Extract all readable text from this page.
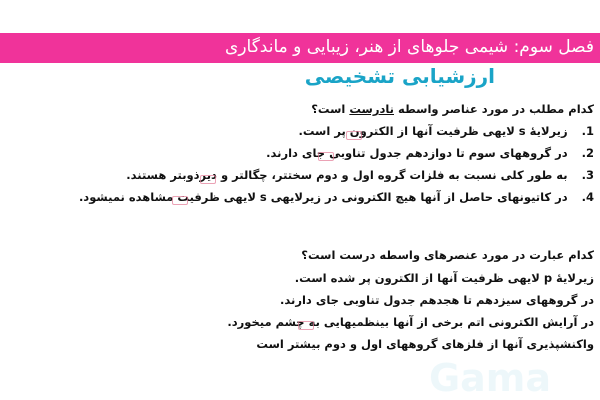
فصل سوم: شیمی جلوهای از هنر، زیبایی و ماندگاری
ارزشیابی تشخیصی
کدام مطلب در مورد عناصر واسطه نادرست است؟
1.زیرلایهٔ s لایهی ظرفیت آنها از الکترون پر است.
2.در گروههای سوم تا دوازدهم جدول تناوبی جای دارند.
3.به طور کلی نسبت به فلزات گروه اول و دوم سختتر، چگالتر و دیرذوبتر هستند.
4.در کاتیونهای حاصل از آنها هیچ الکترونی در زیرلایهی s لایهی ظرفیت مشاهده نمیشود.
کدام عبارت در مورد عنصرهای واسطه درست است؟
زیرلایهٔ p لایهی ظرفیت آنها از الکترون پر شده است.
در گروههای سیزدهم تا هجدهم جدول تناوبی جای دارند.
در آرایش الکترونی اتم برخی از آنها بینظمیهایی به چشم میخورد.
واکنشپذیری آنها از فلزهای گروههای اول و دوم بیشتر است
Gama
